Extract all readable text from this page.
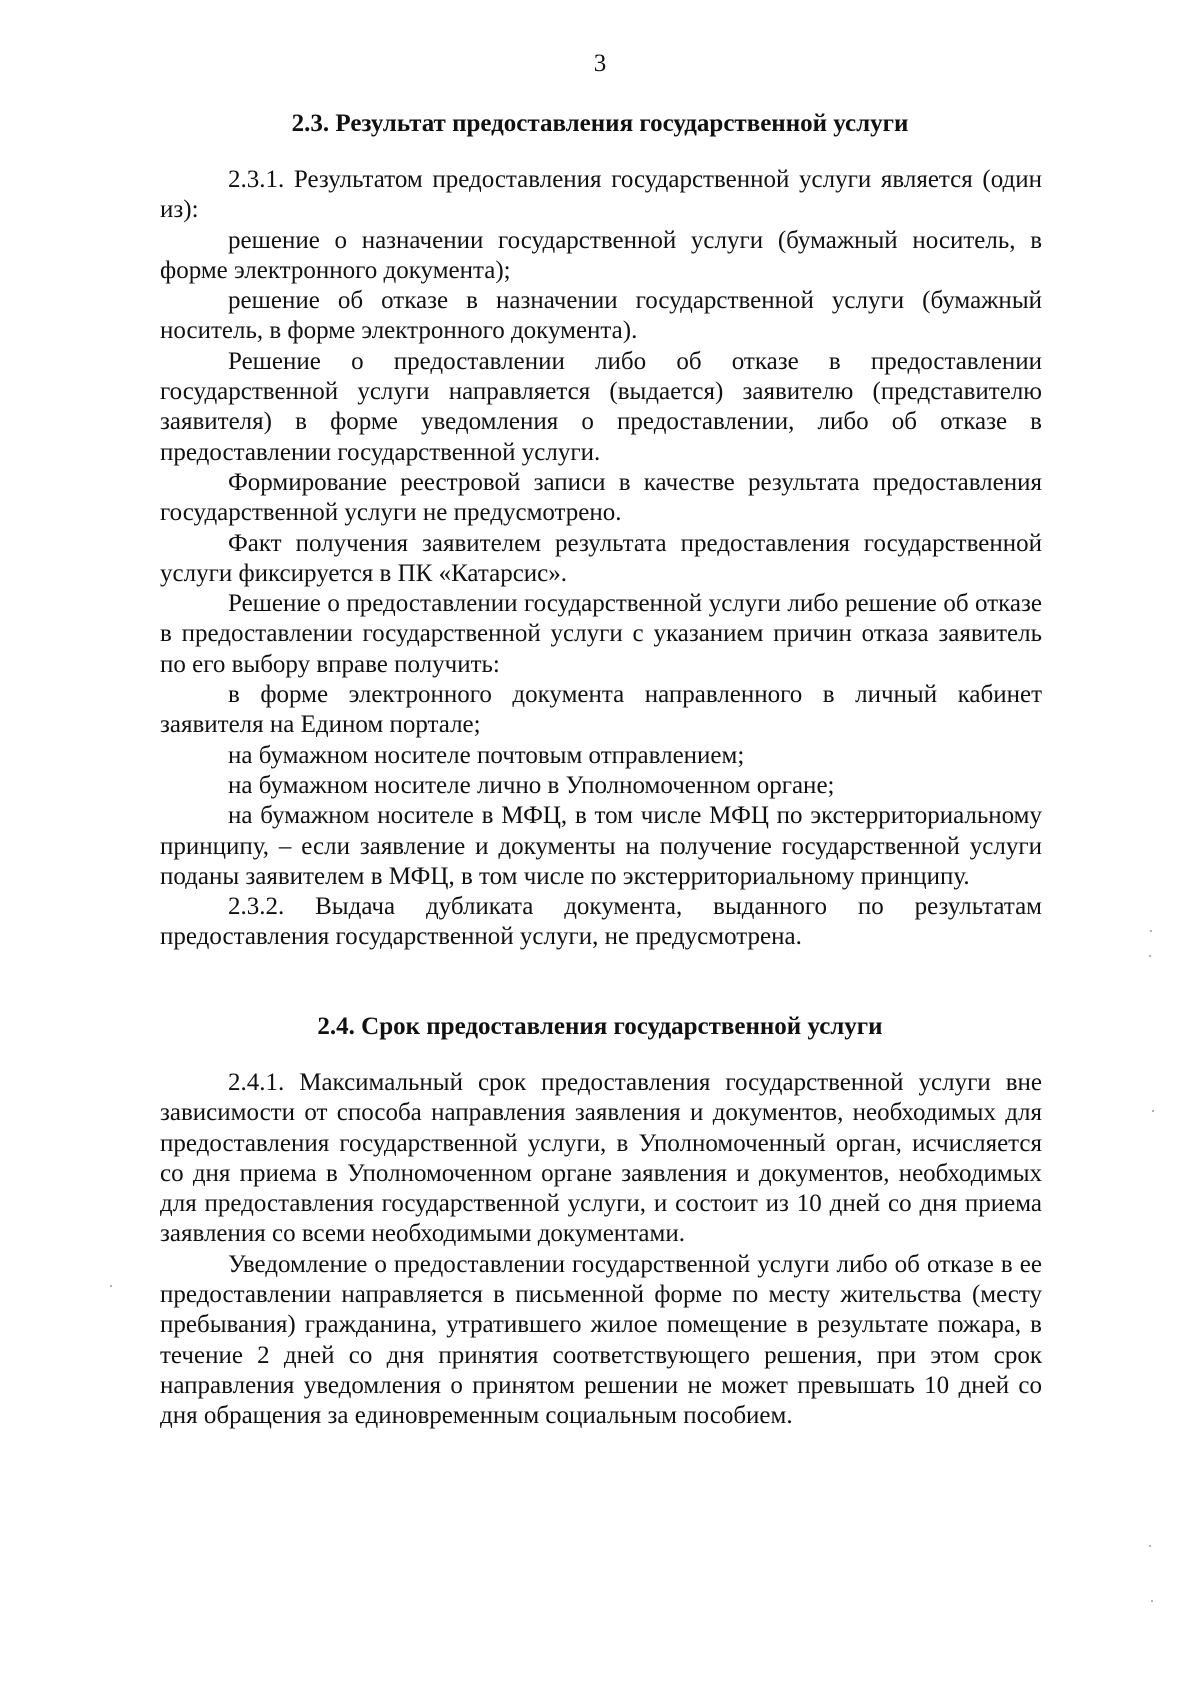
3
2.3. Результат предоставления государственной услуги

2.3.1. Результатом предоставления государственной услуги является (один из):

решение о назначении государственной услуги (бумажный носитель, в форме электронного документа);

решение об отказе в назначении государственной услуги (бумажный носитель, в форме электронного документа).

Решение о предоставлении либо об отказе в предоставлении государственной услуги направляется (выдается) заявителю (представителю заявителя) в форме уведомления о предоставлении, либо об отказе в предоставлении государственной услуги.

Формирование реестровой записи в качестве результата предоставления государственной услуги не предусмотрено.

Факт получения заявителем результата предоставления государственной услуги фиксируется в ПК «Катарсис».

Решение о предоставлении государственной услуги либо решение об отказе в предоставлении государственной услуги с указанием причин отказа заявитель по его выбору вправе получить:

в форме электронного документа направленного в личный кабинет заявителя на Едином портале;

на бумажном носителе почтовым отправлением;

на бумажном носителе лично в Уполномоченном органе;

на бумажном носителе в МФЦ, в том числе МФЦ по экстерриториальному принципу, – если заявление и документы на получение государственной услуги поданы заявителем в МФЦ, в том числе по экстерриториальному принципу.

2.3.2. Выдача дубликата документа, выданного по результатам предоставления государственной услуги, не предусмотрена.

2.4. Срок предоставления государственной услуги

2.4.1. Максимальный срок предоставления государственной услуги вне зависимости от способа направления заявления и документов, необходимых для предоставления государственной услуги, в Уполномоченный орган, исчисляется со дня приема в Уполномоченном органе заявления и документов, необходимых для предоставления государственной услуги, и состоит из 10 дней со дня приема заявления со всеми необходимыми документами.

Уведомление о предоставлении государственной услуги либо об отказе в ее предоставлении направляется в письменной форме по месту жительства (месту пребывания) гражданина, утратившего жилое помещение в результате пожара, в течение 2 дней со дня принятия соответствующего решения, при этом срок направления уведомления о принятом решении не может превышать 10 дней со дня обращения за единовременным социальным пособием.
